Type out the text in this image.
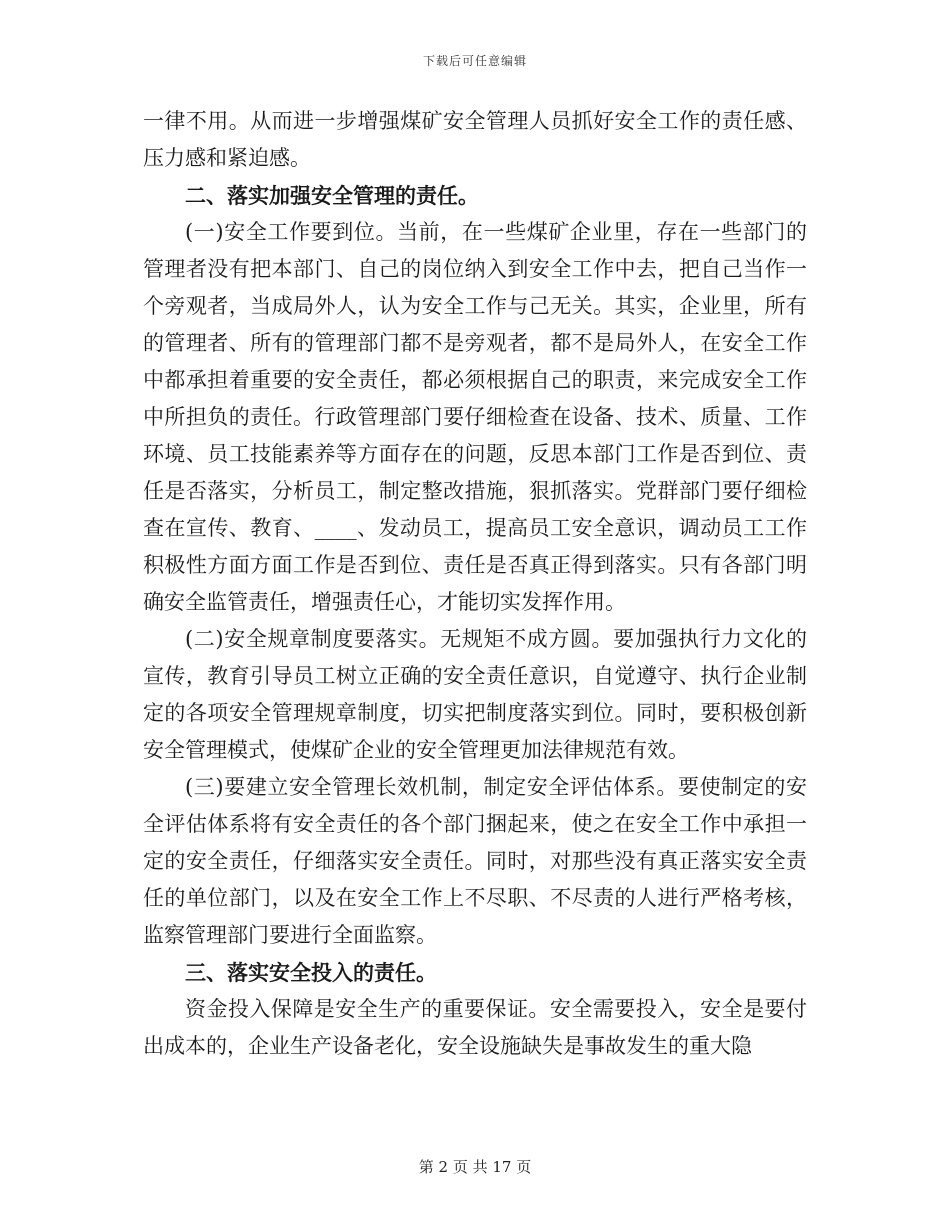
下载后可任意编辑

一律不用。从而进一步增强煤矿安全管理人员抓好安全工作的责任感、压力感和紧迫感。

二、落实加强安全管理的责任。

(一)安全工作要到位。当前，在一些煤矿企业里，存在一些部门的管理者没有把本部门、自己的岗位纳入到安全工作中去，把自己当作一个旁观者，当成局外人，认为安全工作与己无关。其实，企业里，所有的管理者、所有的管理部门都不是旁观者，都不是局外人，在安全工作中都承担着重要的安全责任，都必须根据自己的职责，来完成安全工作中所担负的责任。行政管理部门要仔细检查在设备、技术、质量、工作环境、员工技能素养等方面存在的问题，反思本部门工作是否到位、责任是否落实，分析员工，制定整改措施，狠抓落实。党群部门要仔细检查在宣传、教育、____、发动员工，提高员工安全意识，调动员工工作积极性方面方面工作是否到位、责任是否真正得到落实。只有各部门明确安全监管责任，增强责任心，才能切实发挥作用。

(二)安全规章制度要落实。无规矩不成方圆。要加强执行力文化的宣传，教育引导员工树立正确的安全责任意识，自觉遵守、执行企业制定的各项安全管理规章制度，切实把制度落实到位。同时，要积极创新安全管理模式，使煤矿企业的安全管理更加法律规范有效。

(三)要建立安全管理长效机制，制定安全评估体系。要使制定的安全评估体系将有安全责任的各个部门捆起来，使之在安全工作中承担一定的安全责任，仔细落实安全责任。同时，对那些没有真正落实安全责任的单位部门，以及在安全工作上不尽职、不尽责的人进行严格考核，监察管理部门要进行全面监察。

三、落实安全投入的责任。

资金投入保障是安全生产的重要保证。安全需要投入，安全是要付出成本的，企业生产设备老化，安全设施缺失是事故发生的重大隐

第 2 页 共 17 页
